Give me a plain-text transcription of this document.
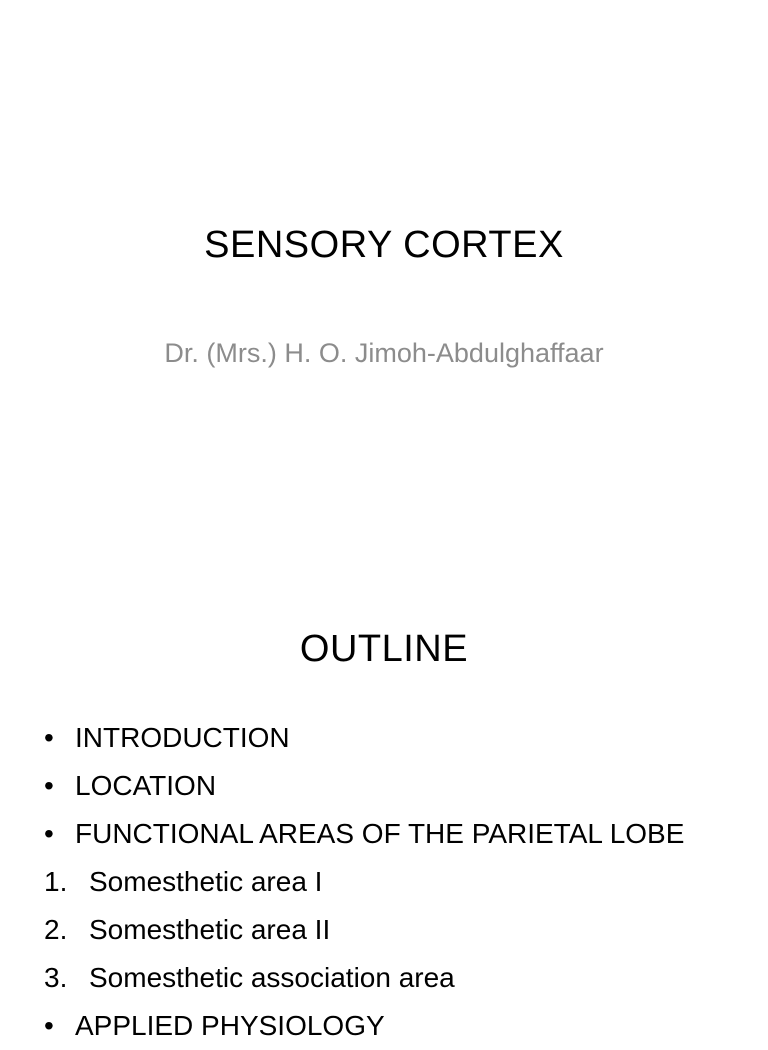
SENSORY CORTEX
Dr. (Mrs.) H. O. Jimoh-Abdulghaffaar
OUTLINE
• INTRODUCTION
• LOCATION
• FUNCTIONAL AREAS OF THE PARIETAL LOBE
1. Somesthetic area I
2. Somesthetic area II
3. Somesthetic association area
• APPLIED PHYSIOLOGY
